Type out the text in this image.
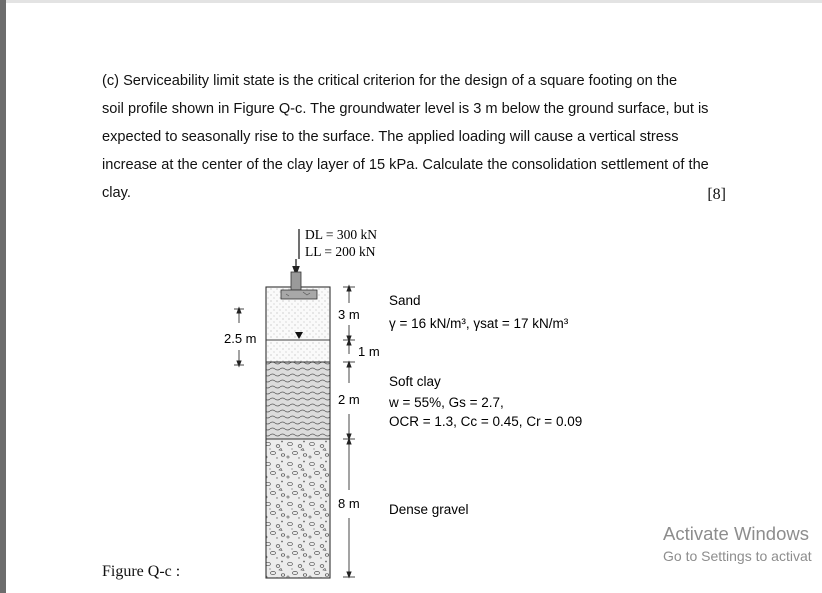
(c) Serviceability limit state is the critical criterion for the design of a square footing on the
soil profile shown in Figure Q-c. The groundwater level is 3 m below the ground surface, but is
expected to seasonally rise to the surface. The applied loading will cause a vertical stress
increase at the center of the clay layer of 15 kPa. Calculate the consolidation settlement of the
clay.	[8]
DL = 300 kN
LL = 200 kN
2.5 m
3 m
1 m
2 m
8 m
Sand
γ = 16 kN/m³, γsat = 17 kN/m³
Soft clay
w = 55%, Gs = 2.7,
OCR = 1.3, Cc = 0.45, Cr = 0.09
Dense gravel
Figure Q-c :
Activate Windows
Go to Settings to activat
